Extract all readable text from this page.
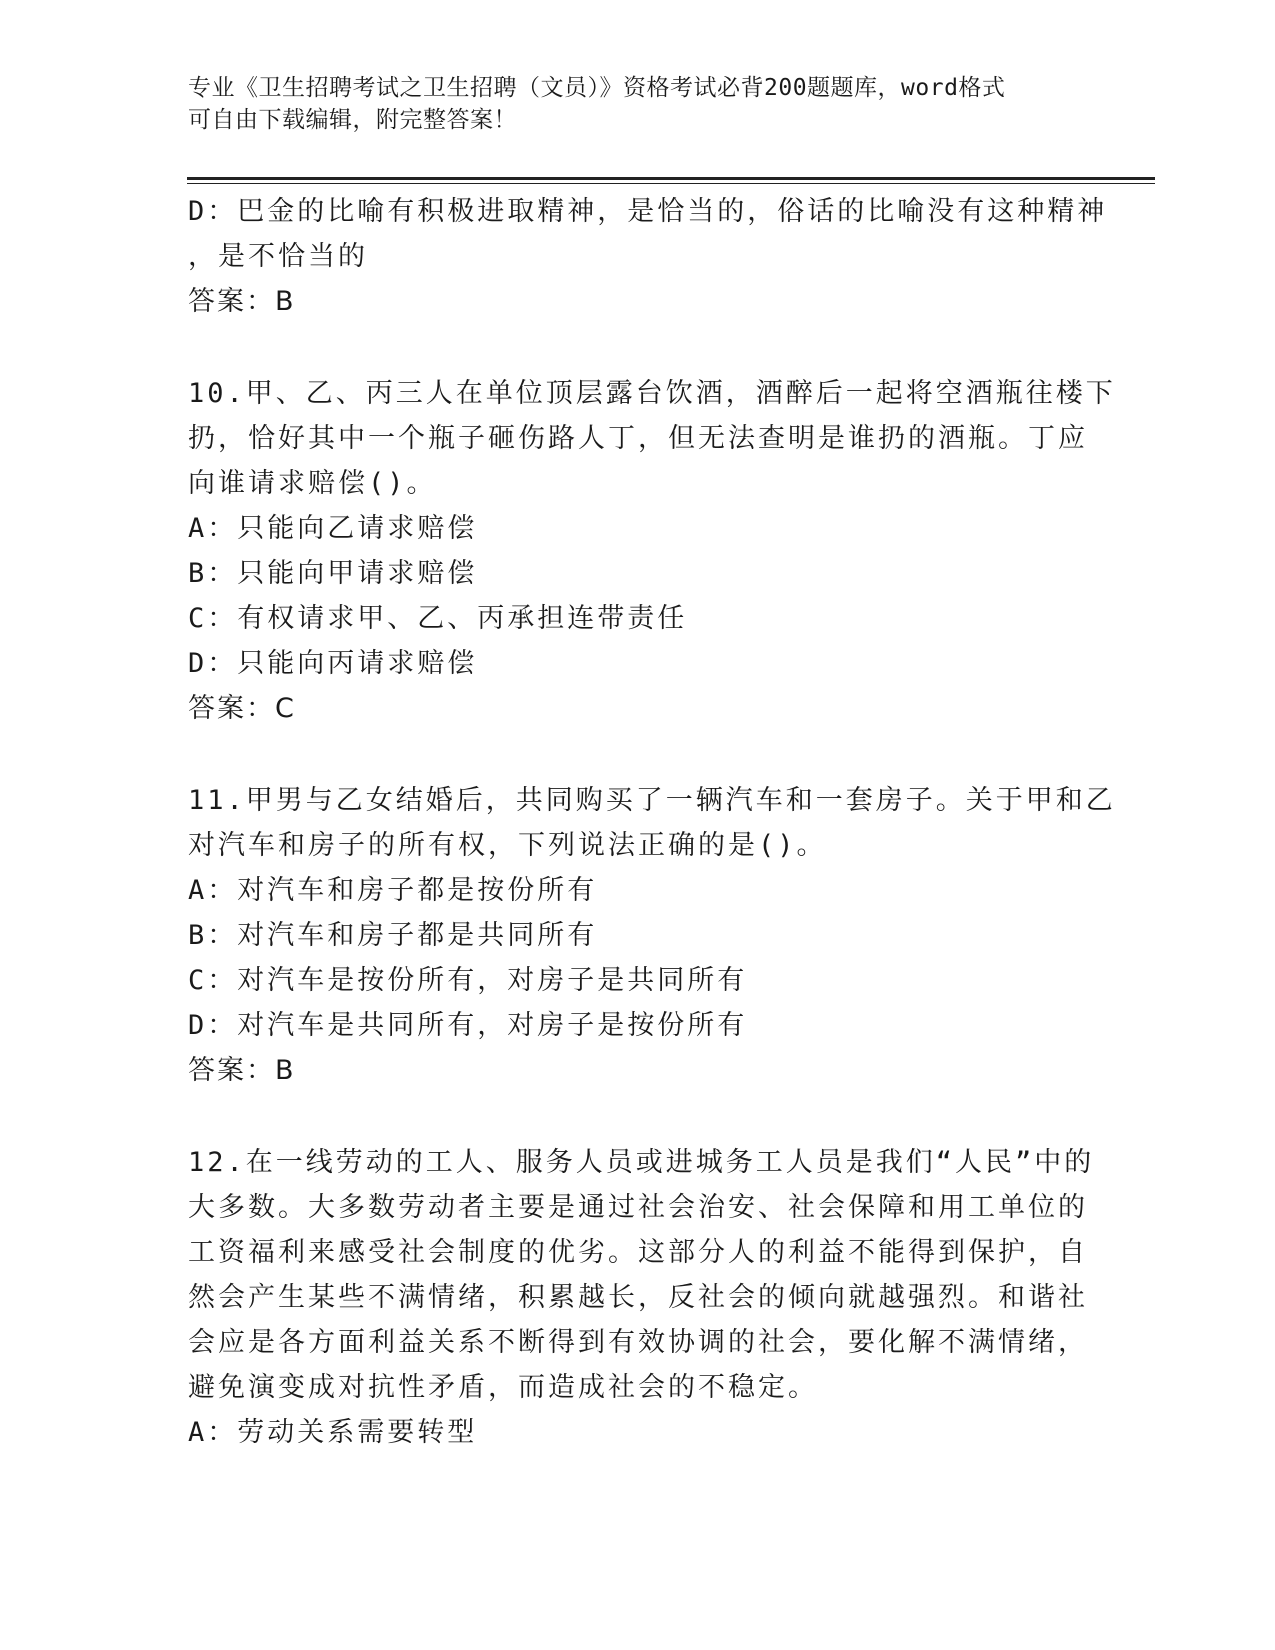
专业《卫生招聘考试之卫生招聘（文员）》资格考试必背200题题库，word格式
可自由下载编辑，附完整答案！
D：巴金的比喻有积极进取精神，是恰当的，俗话的比喻没有这种精神
，是不恰当的
答案：B
10.甲、乙、丙三人在单位顶层露台饮酒，酒醉后一起将空酒瓶往楼下
扔，恰好其中一个瓶子砸伤路人丁，但无法查明是谁扔的酒瓶。丁应
向谁请求赔偿()。
A：只能向乙请求赔偿
B：只能向甲请求赔偿
C：有权请求甲、乙、丙承担连带责任
D：只能向丙请求赔偿
答案：C
11.甲男与乙女结婚后，共同购买了一辆汽车和一套房子。关于甲和乙
对汽车和房子的所有权，下列说法正确的是()。
A：对汽车和房子都是按份所有
B：对汽车和房子都是共同所有
C：对汽车是按份所有，对房子是共同所有
D：对汽车是共同所有，对房子是按份所有
答案：B
12.在一线劳动的工人、服务人员或进城务工人员是我们“人民”中的
大多数。大多数劳动者主要是通过社会治安、社会保障和用工单位的
工资福利来感受社会制度的优劣。这部分人的利益不能得到保护，自
然会产生某些不满情绪，积累越长，反社会的倾向就越强烈。和谐社
会应是各方面利益关系不断得到有效协调的社会，要化解不满情绪，
避免演变成对抗性矛盾，而造成社会的不稳定。
A：劳动关系需要转型
